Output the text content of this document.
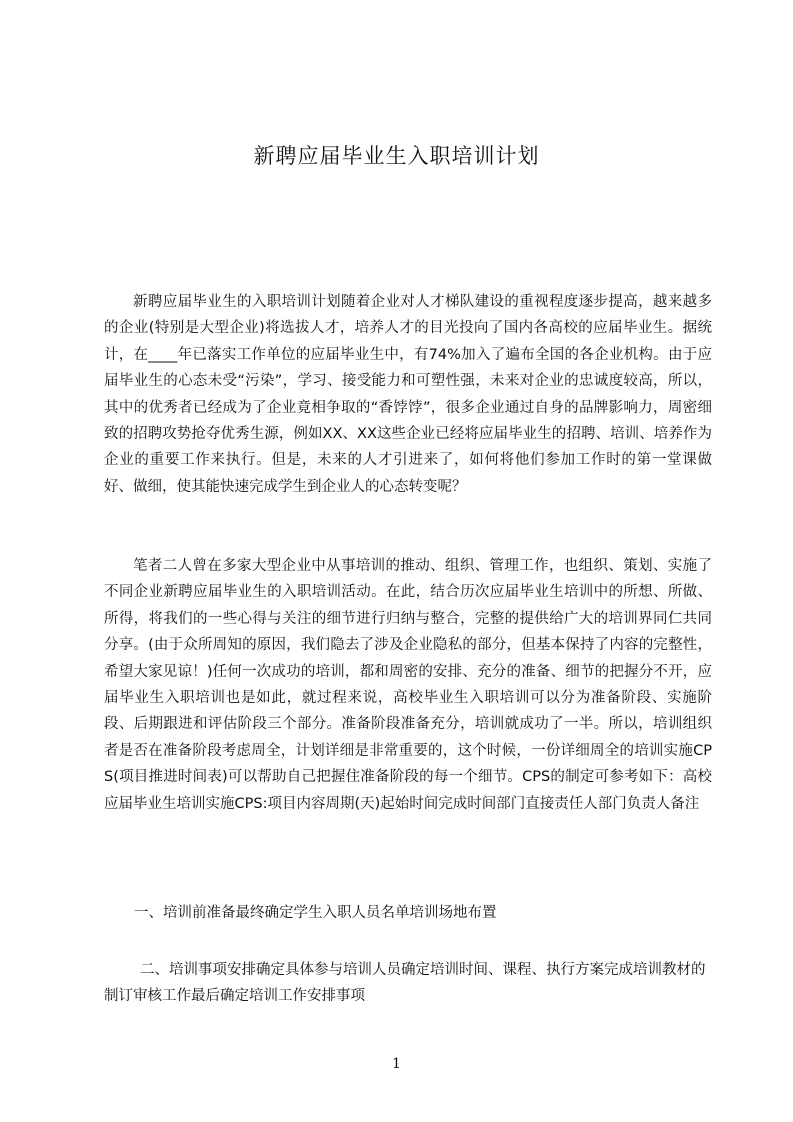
新聘应届毕业生入职培训计划

新聘应届毕业生的入职培训计划随着企业对人才梯队建设的重视程度逐步提高，越来越多的企业(特别是大型企业)将选拔人才，培养人才的目光投向了国内各高校的应届毕业生。据统计，在____年已落实工作单位的应届毕业生中，有74%加入了遍布全国的各企业机构。由于应届毕业生的心态未受“污染”，学习、接受能力和可塑性强，未来对企业的忠诚度较高，所以，其中的优秀者已经成为了企业竟相争取的“香饽饽”，很多企业通过自身的品牌影响力，周密细致的招聘攻势抢夺优秀生源，例如XX、XX这些企业已经将应届毕业生的招聘、培训、培养作为企业的重要工作来执行。但是，未来的人才引进来了，如何将他们参加工作时的第一堂课做好、做细，使其能快速完成学生到企业人的心态转变呢？

笔者二人曾在多家大型企业中从事培训的推动、组织、管理工作，也组织、策划、实施了不同企业新聘应届毕业生的入职培训活动。在此，结合历次应届毕业生培训中的所想、所做、所得，将我们的一些心得与关注的细节进行归纳与整合，完整的提供给广大的培训界同仁共同分享。(由于众所周知的原因，我们隐去了涉及企业隐私的部分，但基本保持了内容的完整性，希望大家见谅！)任何一次成功的培训，都和周密的安排、充分的准备、细节的把握分不开，应届毕业生入职培训也是如此，就过程来说，高校毕业生入职培训可以分为准备阶段、实施阶段、后期跟进和评估阶段三个部分。准备阶段准备充分，培训就成功了一半。所以，培训组织者是否在准备阶段考虑周全，计划详细是非常重要的，这个时候，一份详细周全的培训实施CPS(项目推进时间表)可以帮助自己把握住准备阶段的每一个细节。CPS的制定可参考如下：高校应届毕业生培训实施CPS:项目内容周期(天)起始时间完成时间部门直接责任人部门负责人备注

一、培训前准备最终确定学生入职人员名单培训场地布置

二、培训事项安排确定具体参与培训人员确定培训时间、课程、执行方案完成培训教材的制订审核工作最后确定培训工作安排事项

1
